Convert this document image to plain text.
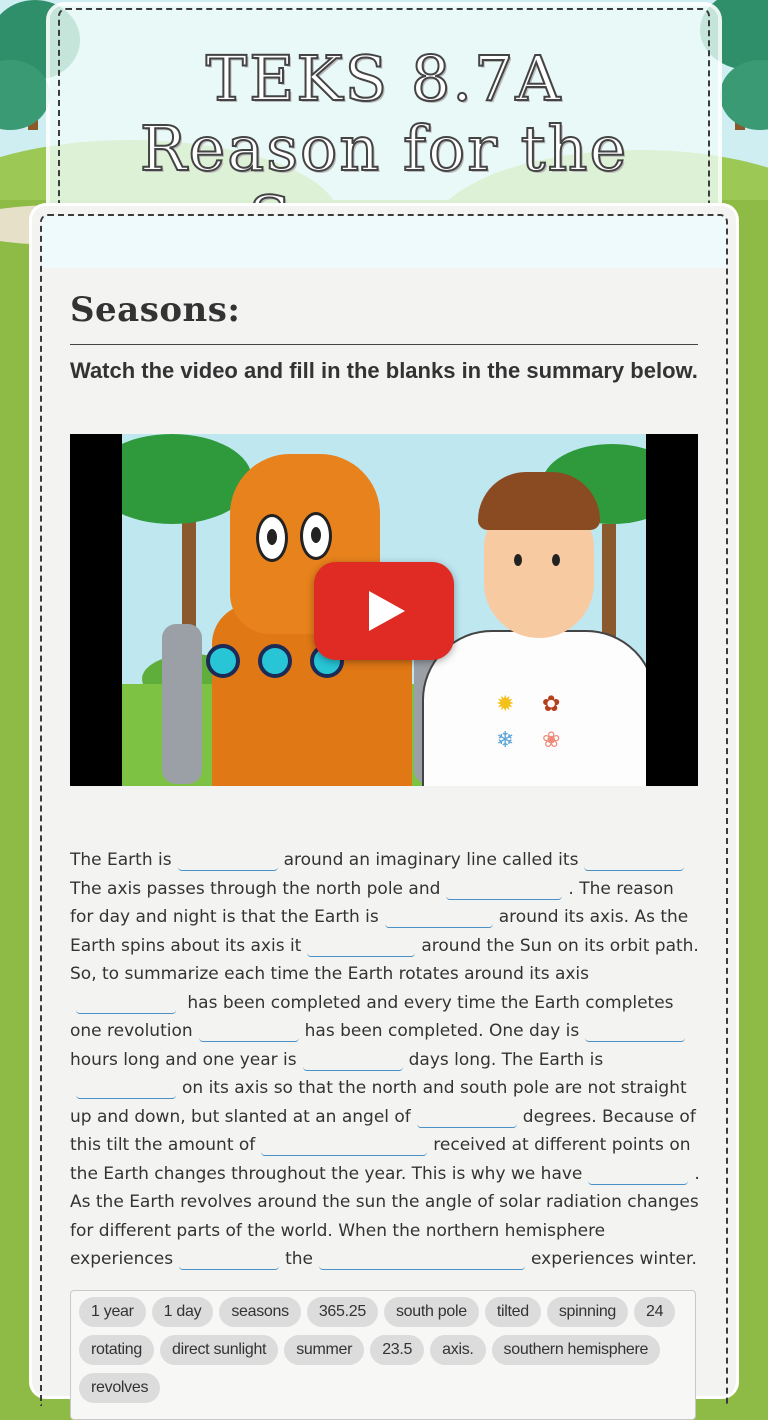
TEKS 8.7A Reason for the
Seasons:

Watch the video and fill in the blanks in the summary below.

✹ ✿
❄ ❀

The Earth is	around an imaginary line called its The axis passes through the north pole and	. The reason for day and night is that the Earth is	around its axis. As the Earth spins about its axis it	around the Sun on its orbit path. So, to summarize each time the Earth rotates around its axis has been completed and every time the Earth completes one revolution	has been completed. One day ishours long and one year is	days long. The Earth ison its axis so that the north and south pole are not straight up and down, but slanted at an angel of	degrees. Because of this tilt the amount of	received at different points on the Earth changes throughout the year. This is why we have	. As the Earth revolves around the sun the angle of solar radiation changes for different parts of the world. When the northern hemisphere experiences	the	experiences winter.

1 year 1 day seasons 365.25 south pole tilted spinning 24rotating direct sunlight summer 23.5 axis. southern hemisphererevolves
